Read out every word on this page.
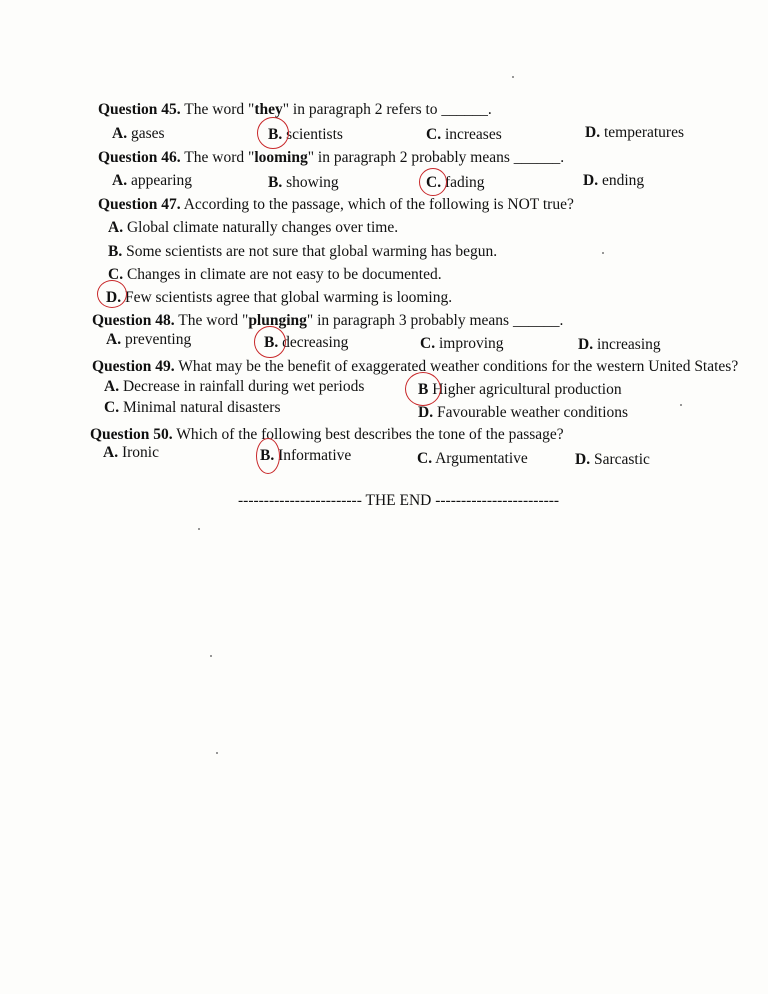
Question 45. The word "they" in paragraph 2 refers to ______.
A. gases	B. scientists	C. increases	D. temperatures
Question 46. The word "looming" in paragraph 2 probably means ______.
A. appearing	B. showing	C. fading	D. ending
Question 47. According to the passage, which of the following is NOT true?
A. Global climate naturally changes over time.
B. Some scientists are not sure that global warming has begun.
C. Changes in climate are not easy to be documented.
D. Few scientists agree that global warming is looming.
Question 48. The word "plunging" in paragraph 3 probably means ______.
A. preventing	B. decreasing	C. improving	D. increasing
Question 49. What may be the benefit of exaggerated weather conditions for the western United States?
A. Decrease in rainfall during wet periods	B Higher agricultural production
C. Minimal natural disasters	D. Favourable weather conditions
Question 50. Which of the following best describes the tone of the passage?
A. Ironic	B. Informative	C. Argumentative	D. Sarcastic
------------------------ THE END ------------------------
